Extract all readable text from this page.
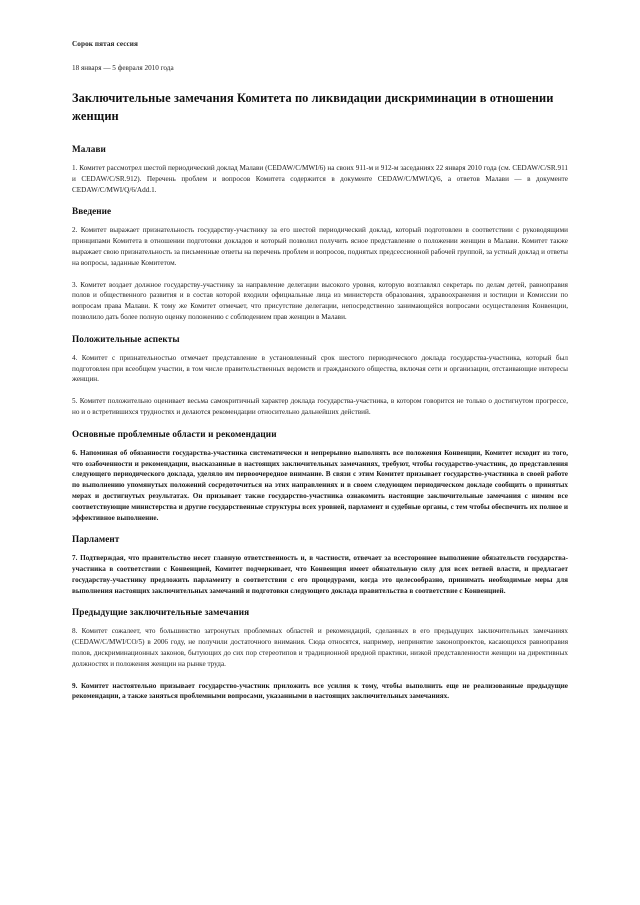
Сорок пятая сессия
18 января — 5 февраля 2010 года
Заключительные замечания Комитета по ликвидации дискриминации в отношении женщин
Малави

1. Комитет рассмотрел шестой периодический доклад Малави (CEDAW/C/MWI/6) на своих 911-м и 912-м заседаниях 22 января 2010 года (см. CEDAW/C/SR.911 и CEDAW/C/SR.912). Перечень проблем и вопросов Комитета содержится в документе CEDAW/C/MWI/Q/6, а ответов Малави — в документе CEDAW/C/MWI/Q/6/Add.1.

Введение

2. Комитет выражает признательность государству-участнику за его шестой периодический доклад, который подготовлен в соответствии с руководящими принципами Комитета в отношении подготовки докладов и который позволил получить ясное представление о положении женщин в Малави. Комитет также выражает свою признательность за письменные ответы на перечень проблем и вопросов, поднятых предсессионной рабочей группой, за устный доклад и ответы на вопросы, заданные Комитетом.

3. Комитет воздает должное государству-участнику за направление делегации высокого уровня, которую возглавлял секретарь по делам детей, равноправия полов и общественного развития и в состав которой входили официальные лица из министерств образования, здравоохранения и юстиции и Комиссии по вопросам права Малави. К тому же Комитет отмечает, что присутствие делегации, непосредственно занимающейся вопросами осуществления Конвенции, позволило дать более полную оценку положению с соблюдением прав женщин в Малави.

Положительные аспекты

4. Комитет с признательностью отмечает представление в установленный срок шестого периодического доклада государства-участника, который был подготовлен при всеобщем участии, в том числе правительственных ведомств и гражданского общества, включая сети и организации, отстаивающие интересы женщин.

5. Комитет положительно оценивает весьма самокритичный характер доклада государства-участника, в котором говорится не только о достигнутом прогрессе, но и о встретившихся трудностях и делаются рекомендации относительно дальнейших действий.

Основные проблемные области и рекомендации

6. Напоминая об обязанности государства-участника систематически и непрерывно выполнять все положения Конвенции, Комитет исходит из того, что озабоченности и рекомендации, высказанные в настоящих заключительных замечаниях, требуют, чтобы государство-участник, до представления следующего периодического доклада, уделяло им первоочередное внимание. В связи с этим Комитет призывает государство-участника в своей работе по выполнению упомянутых положений сосредоточиться на этих направлениях и в своем следующем периодическом докладе сообщить о принятых мерах и достигнутых результатах. Он призывает также государство-участника ознакомить настоящие заключительные замечания с нимим все соответствующие министерства и другие государственные структуры всех уровней, парламент и судебные органы, с тем чтобы обеспечить их полное и эффективное выполнение.

Парламент

7. Подтверждая, что правительство несет главную ответственность и, в частности, отвечает за всестороннее выполнение обязательств государства-участника в соответствии с Конвенцией, Комитет подчеркивает, что Конвенция имеет обязательную силу для всех ветвей власти, и предлагает государству-участнику предложить парламенту в соответствии с его процедурами, когда это целесообразно, принимать необходимые меры для выполнения настоящих заключительных замечаний и подготовки следующего доклада правительства в соответствие с Конвенцией.

Предыдущие заключительные замечания

8. Комитет сожалеет, что большинство затронутых проблемных областей и рекомендаций, сделанных в его предыдущих заключительных замечаниях (CEDAW/C/MWI/CO/5) в 2006 году, не получили достаточного внимания. Сюда относятся, например, непринятие законопроектов, касающихся равноправия полов, дискриминационных законов, бытующих до сих пор стереотипов и традиционной вредной практики, низкой представленности женщин на директивных должностях и положения женщин на рынке труда.

9. Комитет настоятельно призывает государство-участник приложить все усилия к тому, чтобы выполнить еще не реализованные предыдущие рекомендации, а также заняться проблемными вопросами, указанными в настоящих заключительных замечаниях.
